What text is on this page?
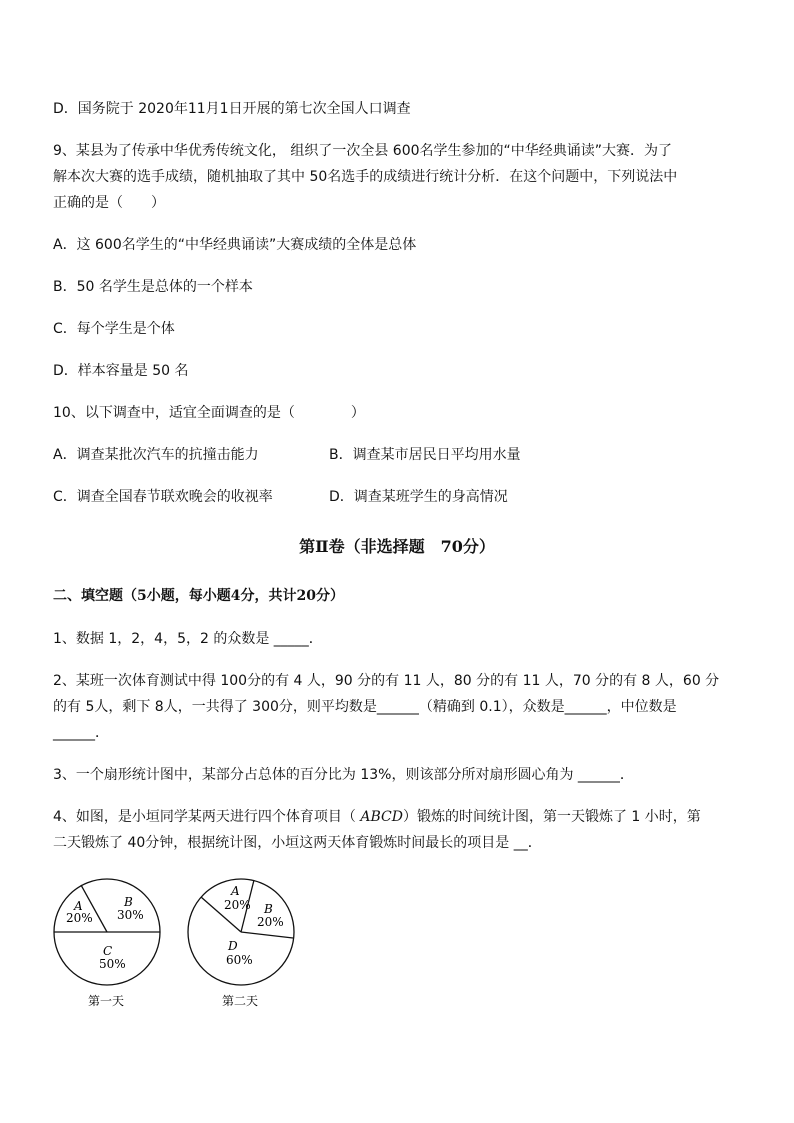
D．国务院于 2020年11月1日开展的第七次全国人口调查
9、某县为了传承中华优秀传统文化， 组织了一次全县 600名学生参加的“中华经典诵读”大赛．为了
解本次大赛的选手成绩，随机抽取了其中 50名选手的成绩进行统计分析．在这个问题中，下列说法中
正确的是（　　）
A．这 600名学生的“中华经典诵读”大赛成绩的全体是总体
B．50 名学生是总体的一个样本
C．每个学生是个体
D．样本容量是 50 名
10、以下调查中，适宜全面调查的是（　　　　）
A．调查某批次汽车的抗撞击能力	B．调查某市居民日平均用水量
C．调查全国春节联欢晚会的收视率	D．调查某班学生的身高情况
第Ⅱ卷（非选择题　70分）
二、填空题（5小题，每小题4分，共计20分）
1、数据 1，2，4，5，2 的众数是 _____．
2、某班一次体育测试中得 100分的有 4 人，90 分的有 11 人，80 分的有 11 人，70 分的有 8 人，60 分
的有 5人，剩下 8人，一共得了 300分，则平均数是______（精确到 0.1），众数是______，中位数是
______．
3、一个扇形统计图中，某部分占总体的百分比为 13%，则该部分所对扇形圆心角为 ______．
4、如图，是小垣同学某两天进行四个体育项目（ ABCD）锻炼的时间统计图，第一天锻炼了 1 小时，第
二天锻炼了 40分钟，根据统计图，小垣这两天体育锻炼时间最长的项目是 __．
A
20%
B
30%
C
50%
第一天
A
20% B
20%
D
60%
第二天
